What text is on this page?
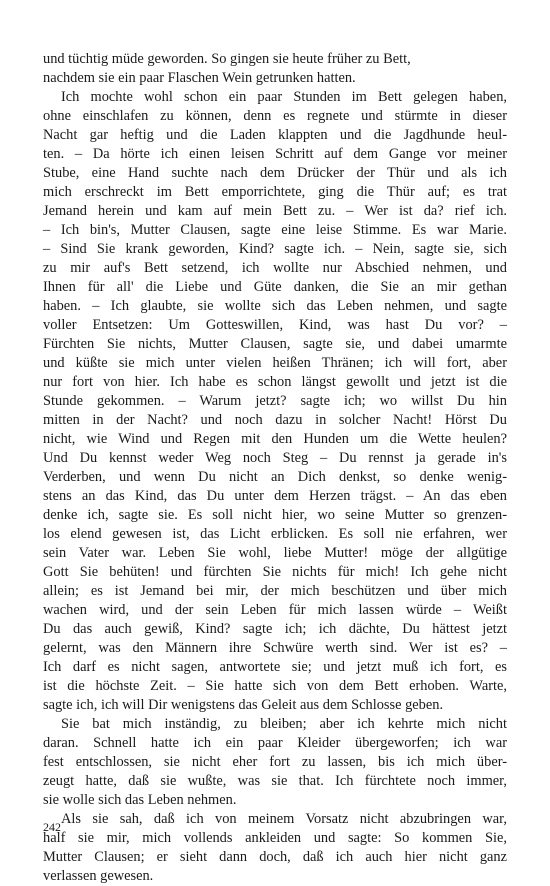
und tüchtig müde geworden. So gingen sie heute früher zu Bett,
nachdem sie ein paar Flaschen Wein getrunken hatten.
Ich mochte wohl schon ein paar Stunden im Bett gelegen haben,
ohne einschlafen zu können, denn es regnete und stürmte in dieser
Nacht gar heftig und die Laden klappten und die Jagdhunde heul-
ten. – Da hörte ich einen leisen Schritt auf dem Gange vor meiner
Stube, eine Hand suchte nach dem Drücker der Thür und als ich
mich erschreckt im Bett emporrichtete, ging die Thür auf; es trat
Jemand herein und kam auf mein Bett zu. – Wer ist da? rief ich.
– Ich bin's, Mutter Clausen, sagte eine leise Stimme. Es war Marie.
– Sind Sie krank geworden, Kind? sagte ich. – Nein, sagte sie, sich
zu mir auf's Bett setzend, ich wollte nur Abschied nehmen, und
Ihnen für all' die Liebe und Güte danken, die Sie an mir gethan
haben. – Ich glaubte, sie wollte sich das Leben nehmen, und sagte
voller Entsetzen: Um Gotteswillen, Kind, was hast Du vor? –
Fürchten Sie nichts, Mutter Clausen, sagte sie, und dabei umarmte
und küßte sie mich unter vielen heißen Thränen; ich will fort, aber
nur fort von hier. Ich habe es schon längst gewollt und jetzt ist die
Stunde gekommen. – Warum jetzt? sagte ich; wo willst Du hin
mitten in der Nacht? und noch dazu in solcher Nacht! Hörst Du
nicht, wie Wind und Regen mit den Hunden um die Wette heulen?
Und Du kennst weder Weg noch Steg – Du rennst ja gerade in's
Verderben, und wenn Du nicht an Dich denkst, so denke wenig-
stens an das Kind, das Du unter dem Herzen trägst. – An das eben
denke ich, sagte sie. Es soll nicht hier, wo seine Mutter so grenzen-
los elend gewesen ist, das Licht erblicken. Es soll nie erfahren, wer
sein Vater war. Leben Sie wohl, liebe Mutter! möge der allgütige
Gott Sie behüten! und fürchten Sie nichts für mich! Ich gehe nicht
allein; es ist Jemand bei mir, der mich beschützen und über mich
wachen wird, und der sein Leben für mich lassen würde – Weißt
Du das auch gewiß, Kind? sagte ich; ich dächte, Du hättest jetzt
gelernt, was den Männern ihre Schwüre werth sind. Wer ist es? –
Ich darf es nicht sagen, antwortete sie; und jetzt muß ich fort, es
ist die höchste Zeit. – Sie hatte sich von dem Bett erhoben. Warte,
sagte ich, ich will Dir wenigstens das Geleit aus dem Schlosse geben.
Sie bat mich inständig, zu bleiben; aber ich kehrte mich nicht
daran. Schnell hatte ich ein paar Kleider übergeworfen; ich war
fest entschlossen, sie nicht eher fort zu lassen, bis ich mich über-
zeugt hatte, daß sie wußte, was sie that. Ich fürchtete noch immer,
sie wolle sich das Leben nehmen.
Als sie sah, daß ich von meinem Vorsatz nicht abzubringen war,
half sie mir, mich vollends ankleiden und sagte: So kommen Sie,
Mutter Clausen; er sieht dann doch, daß ich auch hier nicht ganz
verlassen gewesen.
242
